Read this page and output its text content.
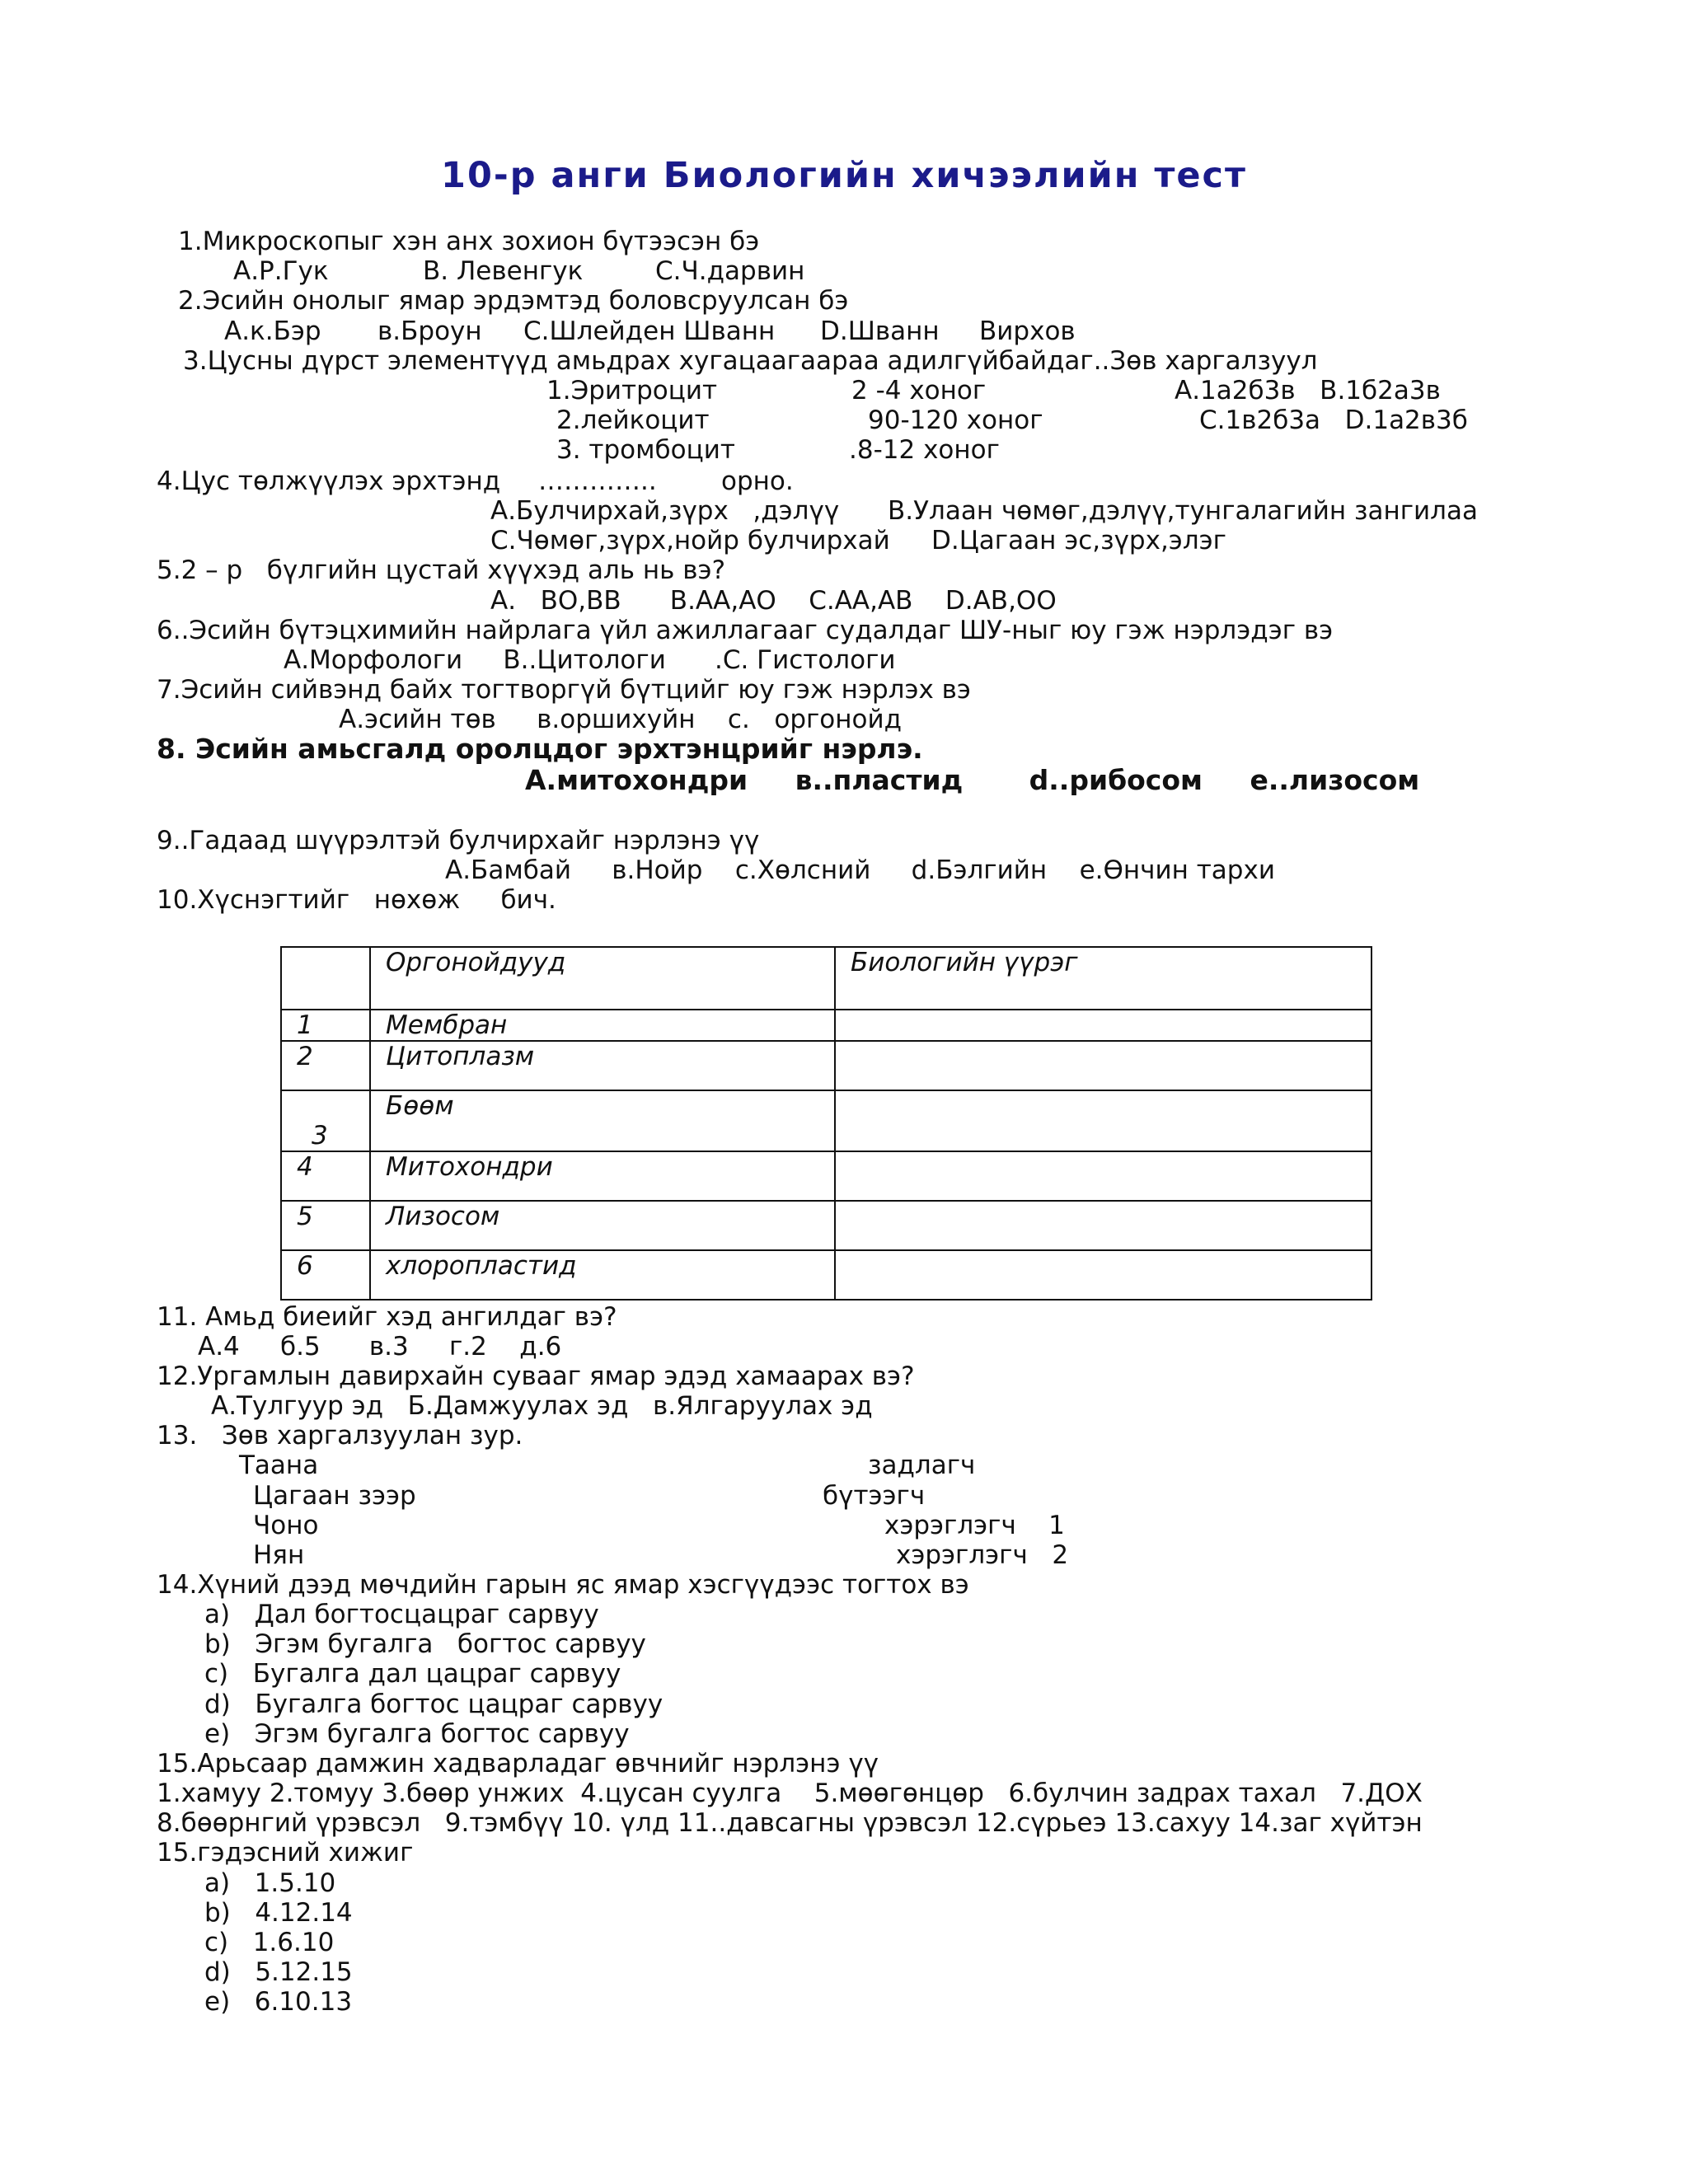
10-р анги Биологийн хичээлийн тест
1.Микроскопыг хэн анх зохион бүтээсэн бэ
А.Р.Гук	В. Левенгук	С.Ч.дарвин
2.Эсийн онолыг ямар эрдэмтэд боловсруулсан бэ
А.к.Бэр в.Броун С.Шлейден Шванн D.Шванн Вирхов
3.Цусны дүрст элементүүд амьдрах хугацаагаараа адилгүйбайдаг..Зөв харгалзуул
1.Эритроцит	2 -4 хоног	А.1а2б3в   В.1б2а3в
2.лейкоцит	90-120 хоног	С.1в2б3а   D.1а2в3б
3. тромбоцит	.8-12 хоног
4.Цус төлжүүлэх эрхтэнд …………..	орно.
А.Булчирхай,зүрх   ,дэлүү В.Улаан чөмөг,дэлүү,тунгалагийн зангилаа
С.Чөмөг,зүрх,нойр булчирхай D.Цагаан эс,зүрх,элэг
5.2 – р   бүлгийн цустай хүүхэд аль нь вэ?
А.   ВО,ВВ      В.АА,АО    С.АА,АВ    D.АВ,ОО
6..Эсийн бүтэцхимийн найрлага үйл ажиллагааг судалдаг ШУ-ныг юу гэж нэрлэдэг вэ
А.Морфологи     В..Цитологи      .С. Гистологи
7.Эсийн сийвэнд байх тогтворгүй бүтцийг юу гэж нэрлэх вэ
А.эсийн төв     в.оршихуйн    с.   оргонойд
8. Эсийн амьсгалд оролцдог эрхтэнцрийг нэрлэ.
А.митохондри     в..пластид       d..рибосом     е..лизосом
9..Гадаад шүүрэлтэй булчирхайг нэрлэнэ үү
А.Бамбай     в.Нойр    с.Хөлсний     d.Бэлгийн    е.Өнчин тархи
10.Хүснэгтийг   нөхөж     бич.
	Оргонойдууд	Биологийн үүрэг
1	Мембран	
2	Цитоплазм	
3	Бөөм	
4	Митохондри	
5	Лизосом	
6	хлоропластид	
11. Амьд биеийг хэд ангилдаг вэ?
А.4     б.5      в.3     г.2    д.6
12.Ургамлын давирхайн сувааг ямар эдэд хамаарах вэ?
А.Тулгуур эд   Б.Дамжуулах эд   в.Ялгаруулах эд
13.   Зөв харгалзуулан зур.
Таана	задлагч
Цагаан зээр	бүтээгч
Чоно	хэрэглэгч    1
Нян	хэрэглэгч   2
14.Хүний дээд мөчдийн гарын яс ямар хэсгүүдээс тогтох вэ
а)   Дал богтосцацраг сарвуу
b)   Эгэм бугалга   богтос сарвуу
c)   Бугалга дал цацраг сарвуу
d)   Бугалга богтос цацраг сарвуу
e)   Эгэм бугалга богтос сарвуу
15.Арьсаар дамжин хадварладаг өвчнийг нэрлэнэ үү
1.хамуу 2.томуу 3.бөөр унжих  4.цусан суулга    5.мөөгөнцөр   6.булчин задрах тахал   7.ДОХ
8.бөөрнгий үрэвсэл   9.тэмбүү 10. үлд 11..давсагны үрэвсэл 12.сүрьеэ 13.сахуу 14.заг хүйтэн
15.гэдэсний хижиг
а)   1.5.10
b)   4.12.14
c)   1.6.10
d)   5.12.15
e)   6.10.13
